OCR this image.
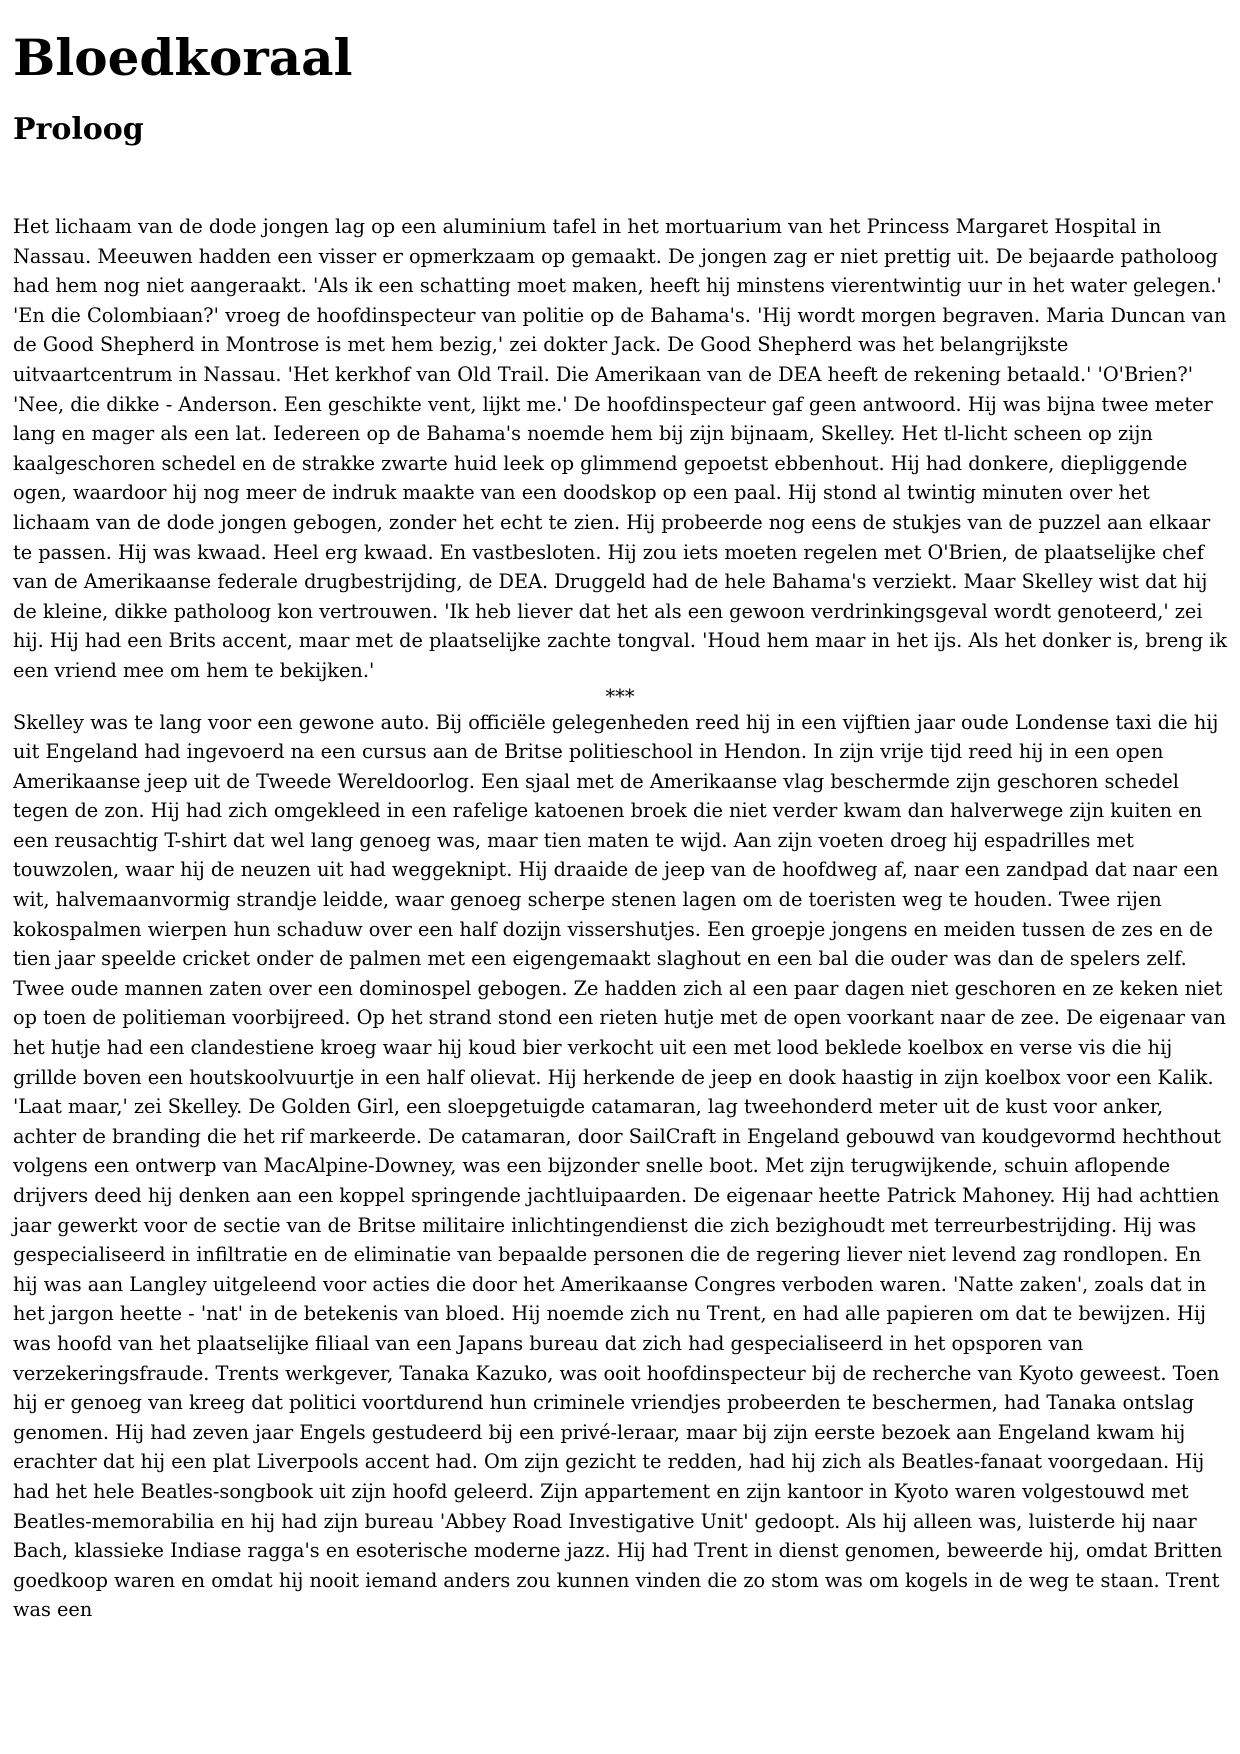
Bloedkoraal
Proloog

Het lichaam van de dode jongen lag op een aluminium tafel in het mortuarium van het Princess Margaret Hospital in Nassau. Meeuwen hadden een visser er opmerkzaam op gemaakt. De jongen zag er niet prettig uit. De bejaarde patholoog had hem nog niet aangeraakt. 'Als ik een schatting moet maken, heeft hij minstens vierentwintig uur in het water gelegen.' 'En die Colombiaan?' vroeg de hoofdinspecteur van politie op de Bahama's. 'Hij wordt morgen begraven. Maria Duncan van de Good Shepherd in Montrose is met hem bezig,' zei dokter Jack. De Good Shepherd was het belangrijkste uitvaartcentrum in Nassau. 'Het kerkhof van Old Trail. Die Amerikaan van de DEA heeft de rekening betaald.' 'O'Brien?' 'Nee, die dikke - Anderson. Een geschikte vent, lijkt me.' De hoofdinspecteur gaf geen antwoord. Hij was bijna twee meter lang en mager als een lat. Iedereen op de Bahama's noemde hem bij zijn bijnaam, Skelley. Het tl-licht scheen op zijn kaalgeschoren schedel en de strakke zwarte huid leek op glimmend gepoetst ebbenhout. Hij had donkere, diepliggende ogen, waardoor hij nog meer de indruk maakte van een doodskop op een paal. Hij stond al twintig minuten over het lichaam van de dode jongen gebogen, zonder het echt te zien. Hij probeerde nog eens de stukjes van de puzzel aan elkaar te passen. Hij was kwaad. Heel erg kwaad. En vastbesloten. Hij zou iets moeten regelen met O'Brien, de plaatselijke chef van de Amerikaanse federale drugbestrijding, de DEA. Druggeld had de hele Bahama's verziekt. Maar Skelley wist dat hij de kleine, dikke patholoog kon vertrouwen. 'Ik heb liever dat het als een gewoon verdrinkingsgeval wordt genoteerd,' zei hij. Hij had een Brits accent, maar met de plaatselijke zachte tongval. 'Houd hem maar in het ijs. Als het donker is, breng ik een vriend mee om hem te bekijken.'

***

Skelley was te lang voor een gewone auto. Bij officiële gelegenheden reed hij in een vijftien jaar oude Londense taxi die hij uit Engeland had ingevoerd na een cursus aan de Britse politieschool in Hendon. In zijn vrije tijd reed hij in een open Amerikaanse jeep uit de Tweede Wereldoorlog. Een sjaal met de Amerikaanse vlag beschermde zijn geschoren schedel tegen de zon. Hij had zich omgekleed in een rafelige katoenen broek die niet verder kwam dan halverwege zijn kuiten en een reusachtig T-shirt dat wel lang genoeg was, maar tien maten te wijd. Aan zijn voeten droeg hij espadrilles met touwzolen, waar hij de neuzen uit had weggeknipt. Hij draaide de jeep van de hoofdweg af, naar een zandpad dat naar een wit, halvemaanvormig strandje leidde, waar genoeg scherpe stenen lagen om de toeristen weg te houden. Twee rijen kokospalmen wierpen hun schaduw over een half dozijn vissershutjes. Een groepje jongens en meiden tussen de zes en de tien jaar speelde cricket onder de palmen met een eigengemaakt slaghout en een bal die ouder was dan de spelers zelf. Twee oude mannen zaten over een dominospel gebogen. Ze hadden zich al een paar dagen niet geschoren en ze keken niet op toen de politieman voorbijreed. Op het strand stond een rieten hutje met de open voorkant naar de zee. De eigenaar van het hutje had een clandestiene kroeg waar hij koud bier verkocht uit een met lood beklede koelbox en verse vis die hij grillde boven een houtskoolvuurtje in een half olievat. Hij herkende de jeep en dook haastig in zijn koelbox voor een Kalik. 'Laat maar,' zei Skelley. De Golden Girl, een sloepgetuigde catamaran, lag tweehonderd meter uit de kust voor anker, achter de branding die het rif markeerde. De catamaran, door SailCraft in Engeland gebouwd van koudgevormd hechthout volgens een ontwerp van MacAlpine-Downey, was een bijzonder snelle boot. Met zijn terugwijkende, schuin aflopende drijvers deed hij denken aan een koppel springende jachtluipaarden. De eigenaar heette Patrick Mahoney. Hij had achttien jaar gewerkt voor de sectie van de Britse militaire inlichtingendienst die zich bezighoudt met terreurbestrijding. Hij was gespecialiseerd in infiltratie en de eliminatie van bepaalde personen die de regering liever niet levend zag rondlopen. En hij was aan Langley uitgeleend voor acties die door het Amerikaanse Congres verboden waren. 'Natte zaken', zoals dat in het jargon heette - 'nat' in de betekenis van bloed. Hij noemde zich nu Trent, en had alle papieren om dat te bewijzen. Hij was hoofd van het plaatselijke filiaal van een Japans bureau dat zich had gespecialiseerd in het opsporen van verzekeringsfraude. Trents werkgever, Tanaka Kazuko, was ooit hoofdinspecteur bij de recherche van Kyoto geweest. Toen hij er genoeg van kreeg dat politici voortdurend hun criminele vriendjes probeerden te beschermen, had Tanaka ontslag genomen. Hij had zeven jaar Engels gestudeerd bij een privé-leraar, maar bij zijn eerste bezoek aan Engeland kwam hij erachter dat hij een plat Liverpools accent had. Om zijn gezicht te redden, had hij zich als Beatles-fanaat voorgedaan. Hij had het hele Beatles-songbook uit zijn hoofd geleerd. Zijn appartement en zijn kantoor in Kyoto waren volgestouwd met Beatles-memorabilia en hij had zijn bureau 'Abbey Road Investigative Unit' gedoopt. Als hij alleen was, luisterde hij naar Bach, klassieke Indiase ragga's en esoterische moderne jazz. Hij had Trent in dienst genomen, beweerde hij, omdat Britten goedkoop waren en omdat hij nooit iemand anders zou kunnen vinden die zo stom was om kogels in de weg te staan. Trent was een
